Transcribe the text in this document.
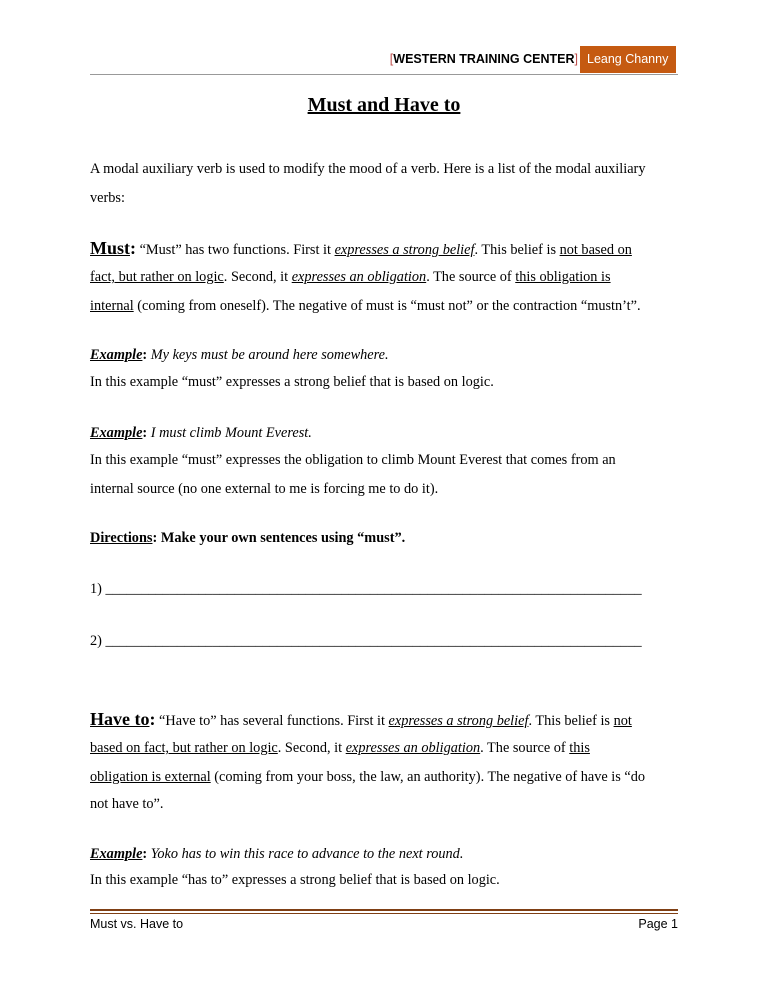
[WESTERN TRAINING CENTER] Leang Channy
Must and Have to

A modal auxiliary verb is used to modify the mood of a verb. Here is a list of the modal auxiliary

verbs:

Must: “Must” has two functions. First it expresses a strong belief. This belief is not based on

fact, but rather on logic. Second, it expresses an obligation. The source of this obligation is

internal (coming from oneself). The negative of must is “must not” or the contraction “mustn’t”.

Example: My keys must be around here somewhere.

In this example “must” expresses a strong belief that is based on logic.

Example: I must climb Mount Everest.

In this example “must” expresses the obligation to climb Mount Everest that comes from an

internal source (no one external to me is forcing me to do it).

Directions: Make your own sentences using “must”.

1) ___________________________________________________________________________

2) ___________________________________________________________________________

Have to: “Have to” has several functions. First it expresses a strong belief. This belief is not

based on fact, but rather on logic. Second, it expresses an obligation. The source of this

obligation is external (coming from your boss, the law, an authority). The negative of have is “do

not have to”.

Example: Yoko has to win this race to advance to the next round.

In this example “has to” expresses a strong belief that is based on logic.

Must vs. Have to	Page 1
